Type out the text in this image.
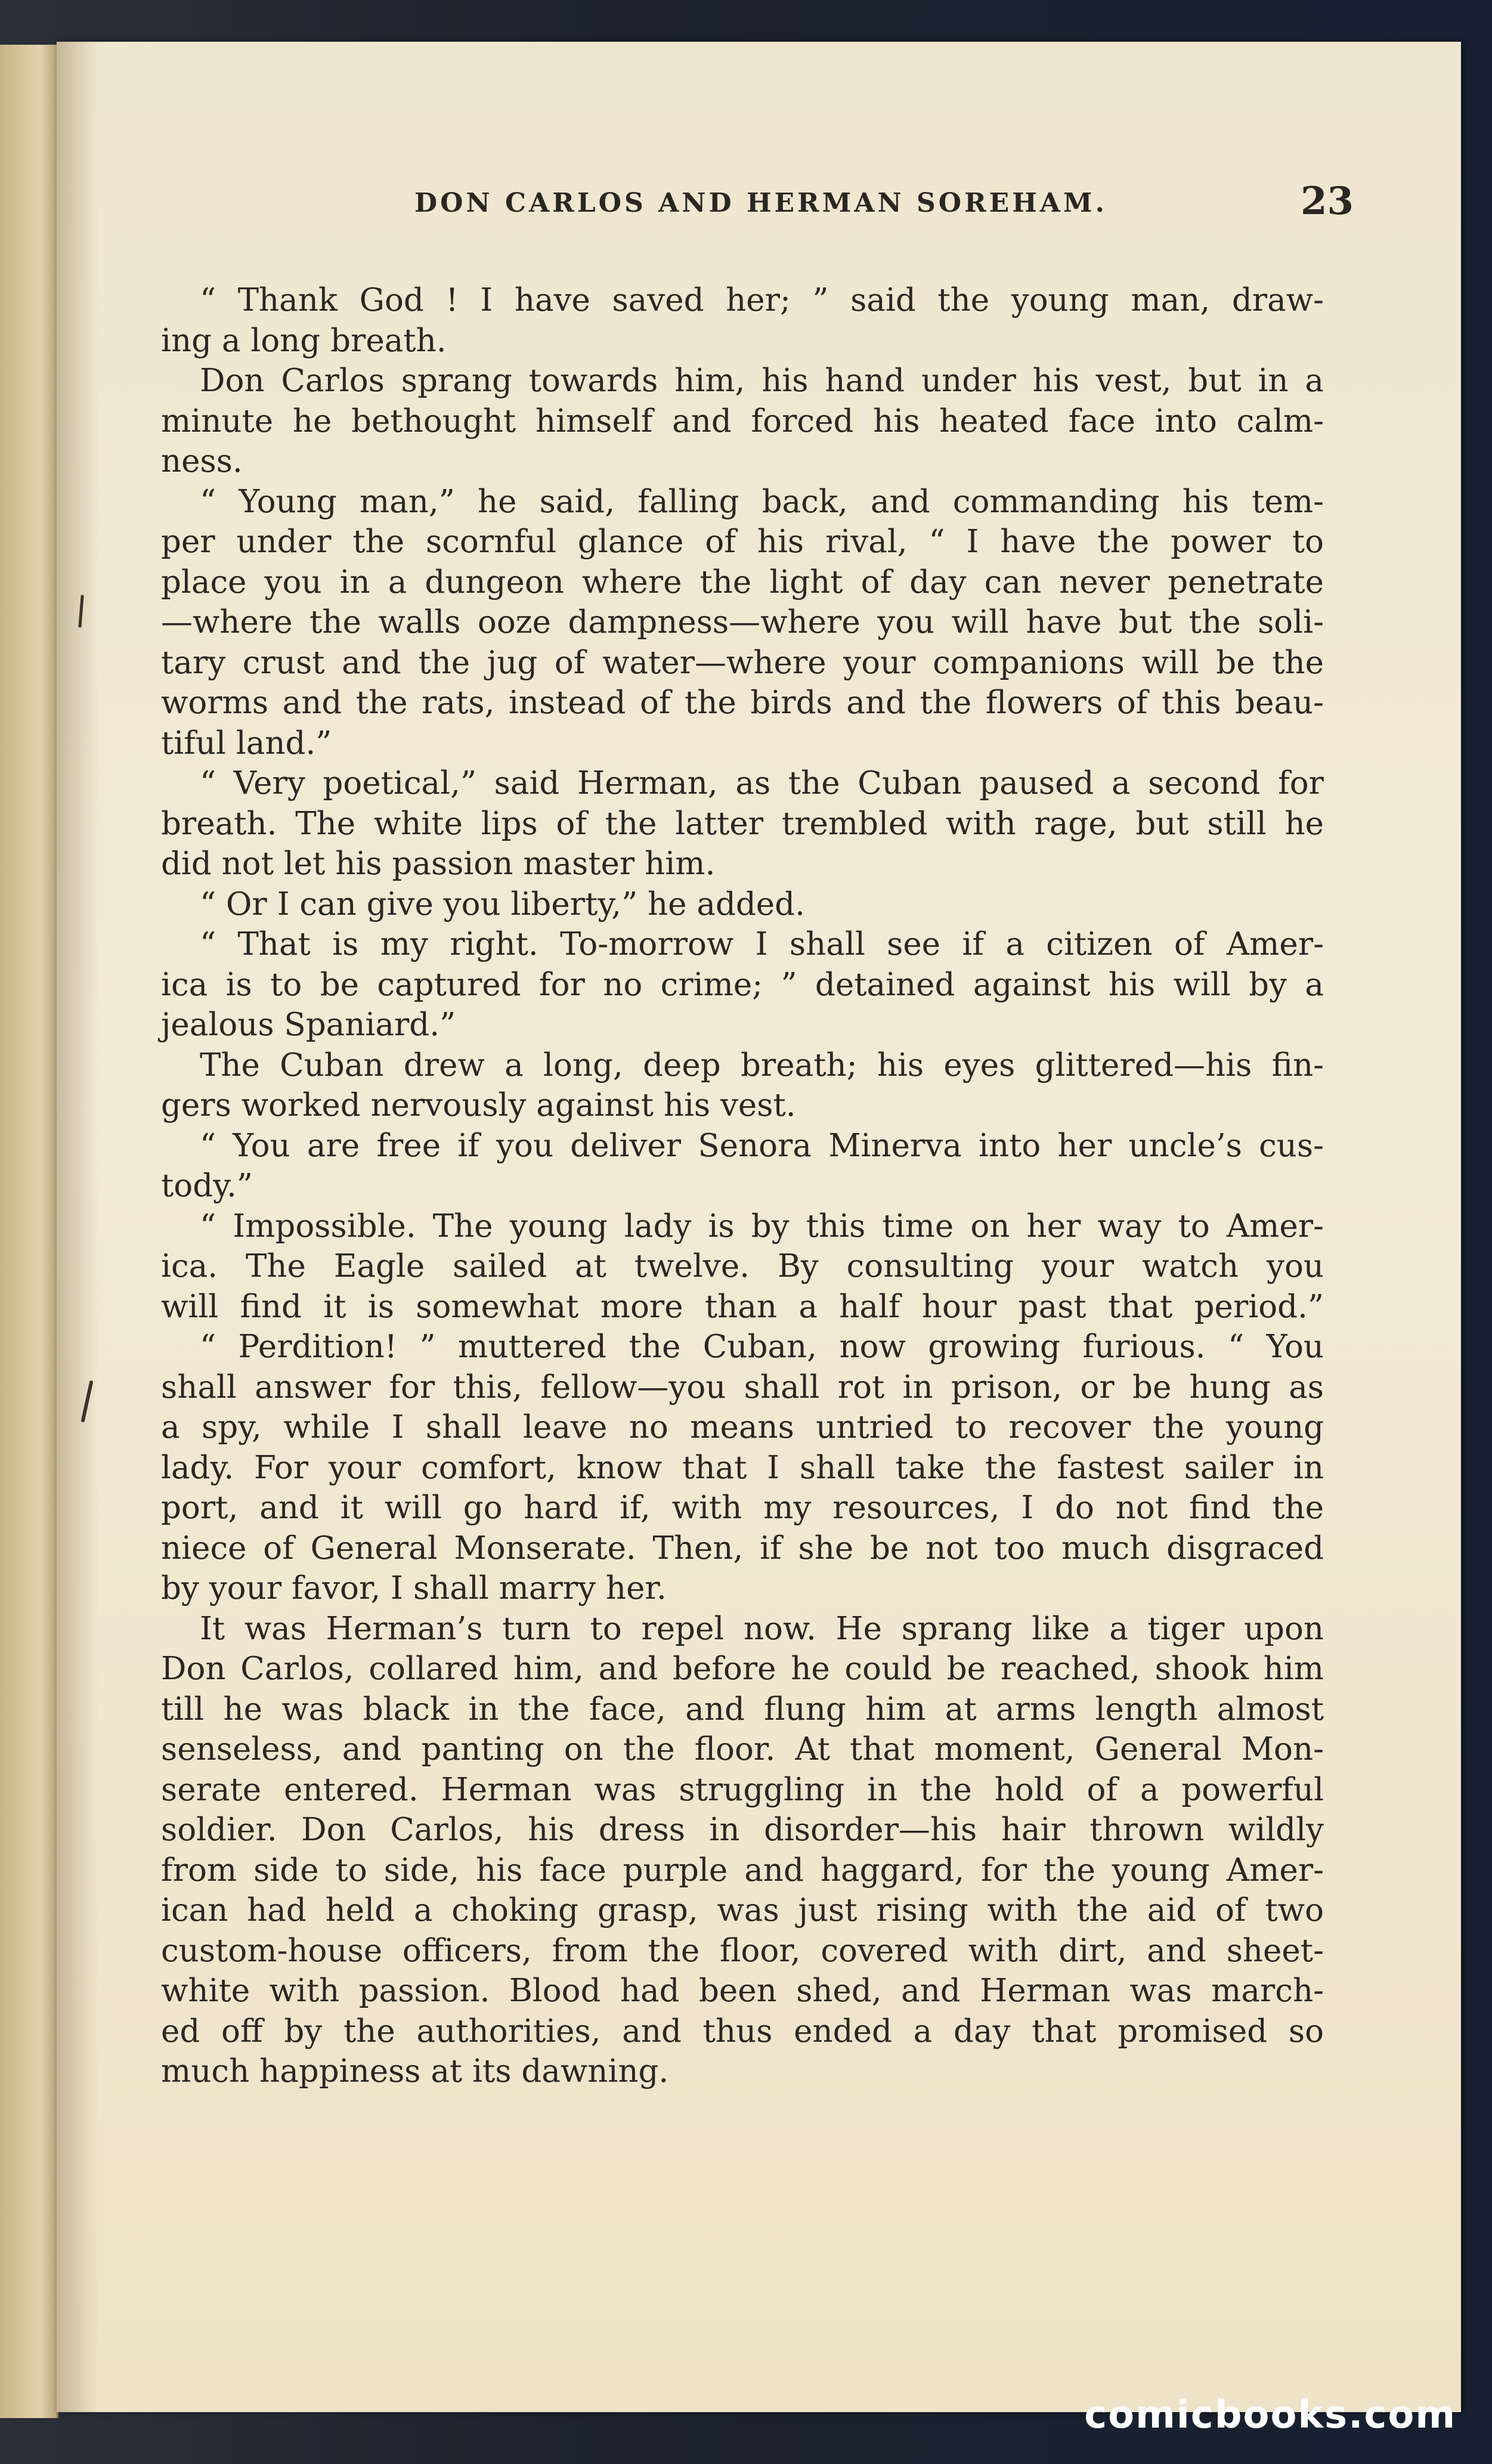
DON CARLOS AND HERMAN SOREHAM.	23
“ Thank God ! I have saved her; ” said the young man, draw-
ing a long breath.
Don Carlos sprang towards him, his hand under his vest, but in a
minute he bethought himself and forced his heated face into calm-
ness.
“ Young man,” he said, falling back, and commanding his tem-
per under the scornful glance of his rival, “ I have the power to
place you in a dungeon where the light of day can never penetrate
—where the walls ooze dampness—where you will have but the soli-
tary crust and the jug of water—where your companions will be the
worms and the rats, instead of the birds and the flowers of this beau-
tiful land.”
“ Very poetical,” said Herman, as the Cuban paused a second for
breath. The white lips of the latter trembled with rage, but still he
did not let his passion master him.
“ Or I can give you liberty,” he added.
“ That is my right. To-morrow I shall see if a citizen of Amer-
ica is to be captured for no crime; ” detained against his will by a
jealous Spaniard.”
The Cuban drew a long, deep breath; his eyes glittered—his fin-
gers worked nervously against his vest.
“ You are free if you deliver Senora Minerva into her uncle’s cus-
tody.”
“ Impossible. The young lady is by this time on her way to Amer-
ica. The Eagle sailed at twelve. By consulting your watch you
will find it is somewhat more than a half hour past that period.”
“ Perdition! ” muttered the Cuban, now growing furious. “ You
shall answer for this, fellow—you shall rot in prison, or be hung as
a spy, while I shall leave no means untried to recover the young
lady. For your comfort, know that I shall take the fastest sailer in
port, and it will go hard if, with my resources, I do not find the
niece of General Monserate. Then, if she be not too much disgraced
by your favor, I shall marry her.
It was Herman’s turn to repel now. He sprang like a tiger upon
Don Carlos, collared him, and before he could be reached, shook him
till he was black in the face, and flung him at arms length almost
senseless, and panting on the floor. At that moment, General Mon-
serate entered. Herman was struggling in the hold of a powerful
soldier. Don Carlos, his dress in disorder—his hair thrown wildly
from side to side, his face purple and haggard, for the young Amer-
ican had held a choking grasp, was just rising with the aid of two
custom-house officers, from the floor, covered with dirt, and sheet-
white with passion. Blood had been shed, and Herman was march-
ed off by the authorities, and thus ended a day that promised so
much happiness at its dawning.
comicbooks.com
